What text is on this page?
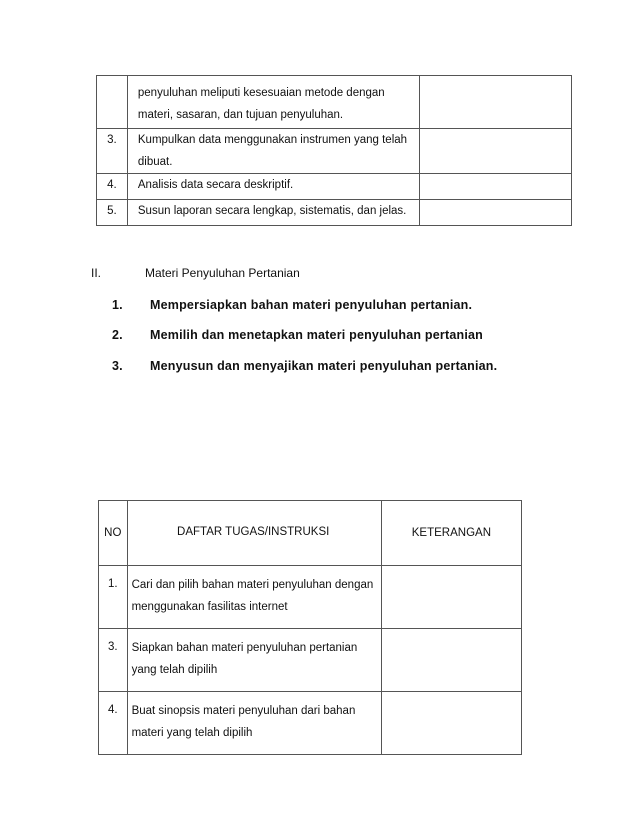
	penyuluhan meliputi kesesuaian metode dengan materi, sasaran, dan tujuan penyuluhan.	

3.	Kumpulkan data menggunakan instrumen yang telah dibuat.	

4.	Analisis data secara deskriptif.	

5.	Susun laporan secara lengkap, sistematis, dan jelas.	
II.	Materi Penyuluhan Pertanian
1. Mempersiapkan bahan materi penyuluhan pertanian.
2. Memilih dan menetapkan materi penyuluhan pertanian
3. Menyusun dan menyajikan materi penyuluhan pertanian.
NO	DAFTAR TUGAS/INSTRUKSI	KETERANGAN
1.	Cari dan pilih bahan materi penyuluhan dengan menggunakan fasilitas internet	
3.	Siapkan bahan materi penyuluhan pertanian yang telah dipilih	
4.	Buat sinopsis materi penyuluhan dari bahan materi yang telah dipilih	
